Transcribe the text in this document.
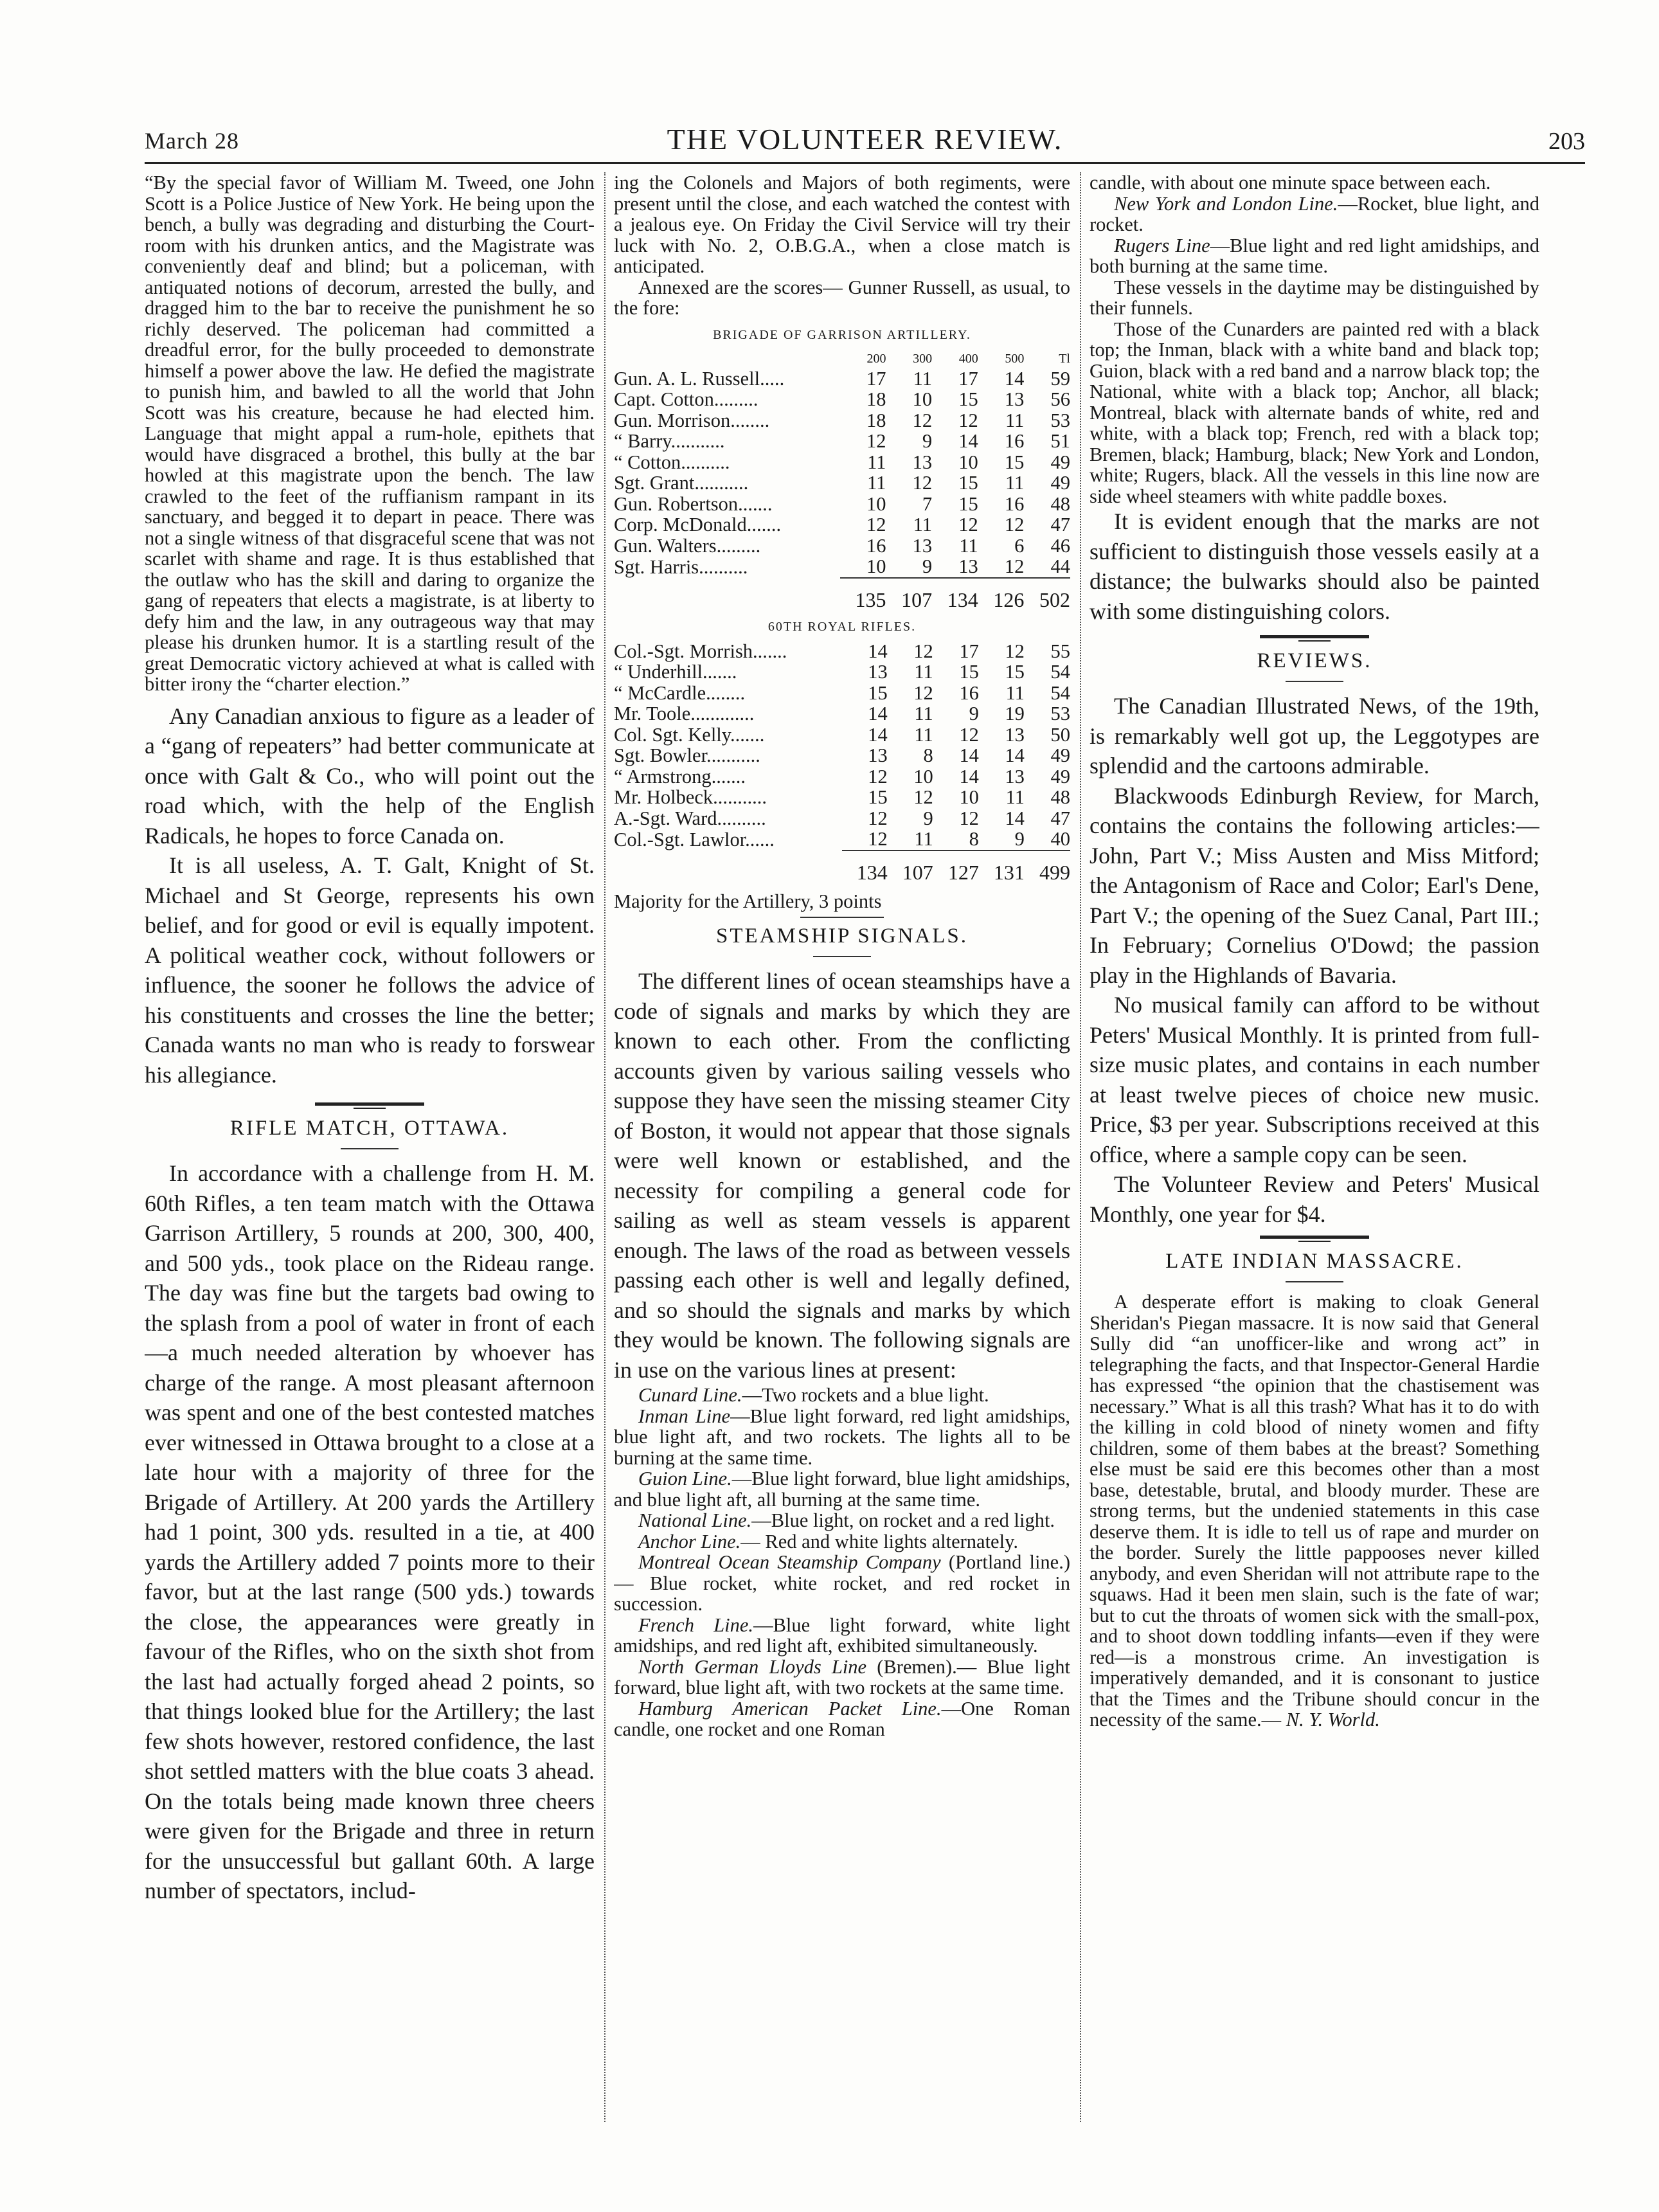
March 28	THE VOLUNTEER REVIEW.	203

“By the special favor of William M. Tweed, one John Scott is a Police Justice of New York. He being upon the bench, a bully was degrading and disturbing the Court-room with his drunken antics, and the Magistrate was conveniently deaf and blind; but a policeman, with antiquated notions of decorum, arrested the bully, and dragged him to the bar to receive the punishment he so richly deserved. The policeman had committed a dreadful error, for the bully proceeded to demonstrate himself a power above the law. He defied the magistrate to punish him, and bawled to all the world that John Scott was his creature, because he had elected him. Language that might appal a rum-hole, epithets that would have disgraced a brothel, this bully at the bar howled at this magistrate upon the bench. The law crawled to the feet of the ruffianism rampant in its sanctuary, and begged it to depart in peace. There was not a single witness of that disgraceful scene that was not scarlet with shame and rage. It is thus established that the outlaw who has the skill and daring to organize the gang of repeaters that elects a magistrate, is at liberty to defy him and the law, in any outrageous way that may please his drunken humor. It is a startling result of the great Democratic victory achieved at what is called with bitter irony the “charter election.”

Any Canadian anxious to figure as a leader of a “gang of repeaters” had better communicate at once with Galt & Co., who will point out the road which, with the help of the English Radicals, he hopes to force Canada on.

It is all useless, A. T. Galt, Knight of St. Michael and St George, represents his own belief, and for good or evil is equally impotent. A political weather cock, without followers or influence, the sooner he follows the advice of his constituents and crosses the line the better; Canada wants no man who is ready to forswear his allegiance.

RIFLE MATCH, OTTAWA.

In accordance with a challenge from H. M. 60th Rifles, a ten team match with the Ottawa Garrison Artillery, 5 rounds at 200, 300, 400, and 500 yds., took place on the Rideau range. The day was fine but the targets bad owing to the splash from a pool of water in front of each—a much needed alteration by whoever has charge of the range. A most pleasant afternoon was spent and one of the best contested matches ever witnessed in Ottawa brought to a close at a late hour with a majority of three for the Brigade of Artillery. At 200 yards the Artillery had 1 point, 300 yds. resulted in a tie, at 400 yards the Artillery added 7 points more to their favor, but at the last range (500 yds.) towards the close, the appearances were greatly in favour of the Rifles, who on the sixth shot from the last had actually forged ahead 2 points, so that things looked blue for the Artillery; the last few shots however, restored confidence, the last shot settled matters with the blue coats 3 ahead. On the totals being made known three cheers were given for the Brigade and three in return for the unsuccessful but gallant 60th. A large number of spectators, includ-

ing the Colonels and Majors of both regiments, were present until the close, and each watched the contest with a jealous eye. On Friday the Civil Service will try their luck with No. 2, O.B.G.A., when a close match is anticipated.

Annexed are the scores— Gunner Russell, as usual, to the fore:

BRIGADE OF GARRISON ARTILLERY.
	200	300	400	500	Tl
Gun. A. L. Russell.....	17	11	17	14	59
Capt. Cotton.........	18	10	15	13	56
Gun. Morrison........	18	12	12	11	53
“ Barry...........	12	9	14	16	51
“ Cotton..........	11	13	10	15	49
Sgt. Grant...........	11	12	15	11	49
Gun. Robertson.......	10	7	15	16	48
Corp. McDonald.......	12	11	12	12	47
Gun. Walters.........	16	13	11	6	46
Sgt. Harris..........	10	9	13	12	44
	135	107	134	126	502
60TH ROYAL RIFLES.
Col.-Sgt. Morrish.......	14	12	17	12	55
“ Underhill.......	13	11	15	15	54
“ McCardle........	15	12	16	11	54
Mr. Toole.............	14	11	9	19	53
Col. Sgt. Kelly.......	14	11	12	13	50
Sgt. Bowler...........	13	8	14	14	49
“ Armstrong.......	12	10	14	13	49
Mr. Holbeck...........	15	12	10	11	48
A.-Sgt. Ward..........	12	9	12	14	47
Col.-Sgt. Lawlor......	12	11	8	9	40
	134	107	127	131	499

Majority for the Artillery, 3 points

STEAMSHIP SIGNALS.

The different lines of ocean steamships have a code of signals and marks by which they are known to each other. From the conflicting accounts given by various sailing vessels who suppose they have seen the missing steamer City of Boston, it would not appear that those signals were well known or established, and the necessity for compiling a general code for sailing as well as steam vessels is apparent enough. The laws of the road as between vessels passing each other is well and legally defined, and so should the signals and marks by which they would be known. The following signals are in use on the various lines at present:

Cunard Line.—Two rockets and a blue light.

Inman Line—Blue light forward, red light amidships, blue light aft, and two rockets. The lights all to be burning at the same time.

Guion Line.—Blue light forward, blue light amidships, and blue light aft, all burning at the same time.

National Line.—Blue light, on rocket and a red light.

Anchor Line.— Red and white lights alternately.

Montreal Ocean Steamship Company (Portland line.)— Blue rocket, white rocket, and red rocket in succession.

French Line.—Blue light forward, white light amidships, and red light aft, exhibited simultaneously.

North German Lloyds Line (Bremen).— Blue light forward, blue light aft, with two rockets at the same time.

Hamburg American Packet Line.—One Roman candle, one rocket and one Roman

candle, with about one minute space between each.

New York and London Line.—Rocket, blue light, and rocket.

Rugers Line—Blue light and red light amidships, and both burning at the same time.

These vessels in the daytime may be distinguished by their funnels.

Those of the Cunarders are painted red with a black top; the Inman, black with a white band and black top; Guion, black with a red band and a narrow black top; the National, white with a black top; Anchor, all black; Montreal, black with alternate bands of white, red and white, with a black top; French, red with a black top; Bremen, black; Hamburg, black; New York and London, white; Rugers, black. All the vessels in this line now are side wheel steamers with white paddle boxes.

It is evident enough that the marks are not sufficient to distinguish those vessels easily at a distance; the bulwarks should also be painted with some distinguishing colors.

REVIEWS.

The Canadian Illustrated News, of the 19th, is remarkably well got up, the Leggotypes are splendid and the cartoons admirable.

Blackwoods Edinburgh Review, for March, contains the contains the following articles:—John, Part V.; Miss Austen and Miss Mitford; the Antagonism of Race and Color; Earl's Dene, Part V.; the opening of the Suez Canal, Part III.; In February; Cornelius O'Dowd; the passion play in the Highlands of Bavaria.

No musical family can afford to be without Peters' Musical Monthly. It is printed from full-size music plates, and contains in each number at least twelve pieces of choice new music. Price, $3 per year. Subscriptions received at this office, where a sample copy can be seen.

The Volunteer Review and Peters' Musical Monthly, one year for $4.

LATE INDIAN MASSACRE.

A desperate effort is making to cloak General Sheridan's Piegan massacre. It is now said that General Sully did “an unofficer-like and wrong act” in telegraphing the facts, and that Inspector-General Hardie has expressed “the opinion that the chastisement was necessary.” What is all this trash? What has it to do with the killing in cold blood of ninety women and fifty children, some of them babes at the breast? Something else must be said ere this becomes other than a most base, detestable, brutal, and bloody murder. These are strong terms, but the undenied statements in this case deserve them. It is idle to tell us of rape and murder on the border. Surely the little pappooses never killed anybody, and even Sheridan will not attribute rape to the squaws. Had it been men slain, such is the fate of war; but to cut the throats of women sick with the small-pox, and to shoot down toddling infants—even if they were red—is a monstrous crime. An investigation is imperatively demanded, and it is consonant to justice that the Times and the Tribune should concur in the necessity of the same.— N. Y. World.
